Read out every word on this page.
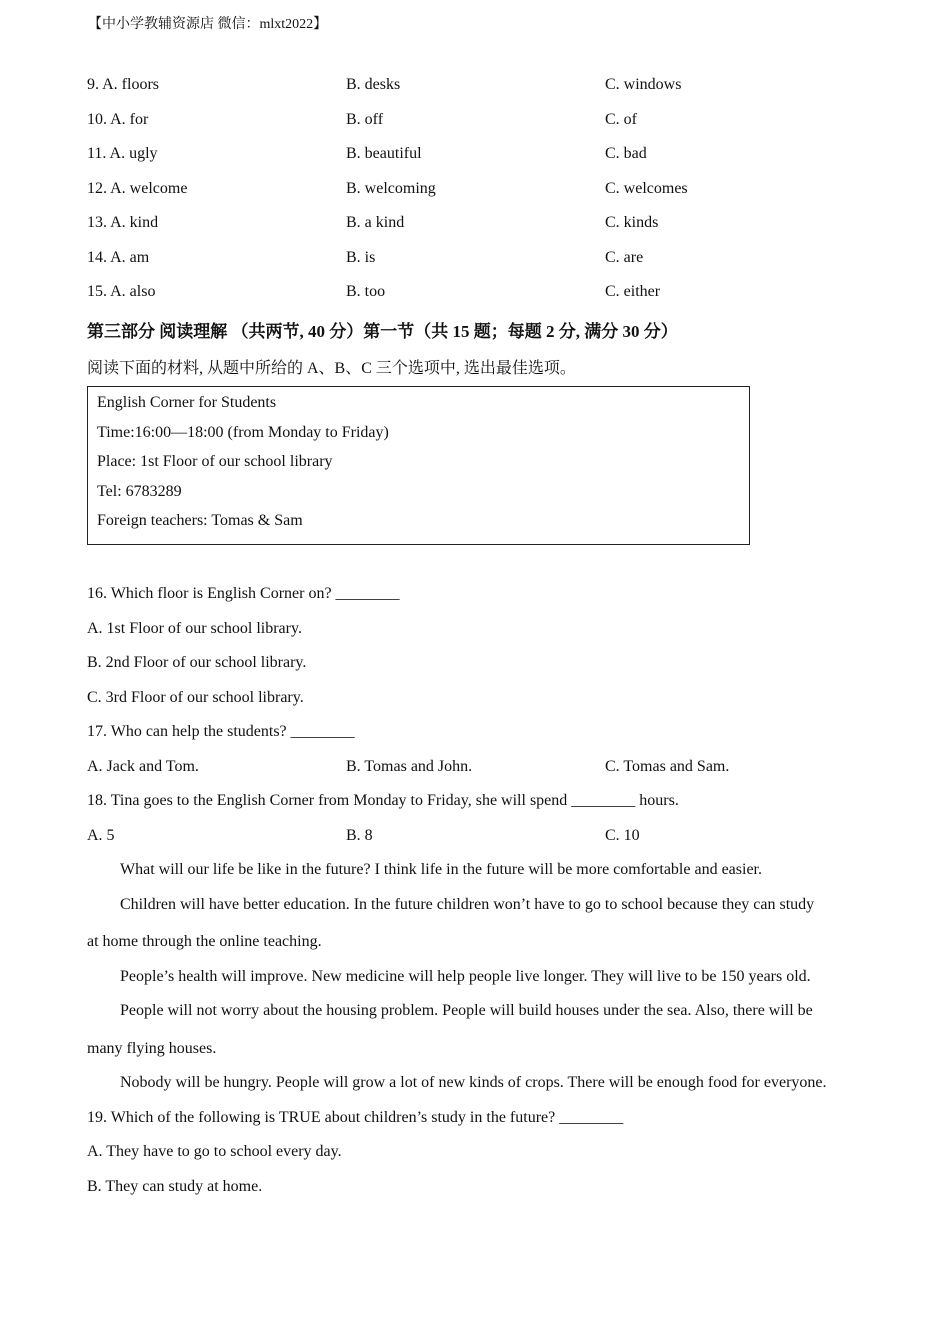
【中小学教辅资源店 微信：mlxt2022】
9. A. floors	B. desks	C. windows
10. A. for	B. off	C. of
11. A. ugly	B. beautiful	C. bad
12. A. welcome	B. welcoming	C. welcomes
13. A. kind	B. a kind	C. kinds
14. A. am	B. is	C. are
15. A. also	B. too	C. either
第三部分 阅读理解 （共两节, 40 分）第一节（共 15 题；每题 2 分, 满分 30 分）
阅读下面的材料, 从题中所给的 A、B、C 三个选项中, 选出最佳选项。
English Corner for Students
Time:16:00—18:00 (from Monday to Friday)
Place: 1st Floor of our school library
Tel: 6783289
Foreign teachers: Tomas & Sam
16. Which floor is English Corner on? ________
A. 1st Floor of our school library.
B. 2nd Floor of our school library.
C. 3rd Floor of our school library.
17. Who can help the students? ________
A. Jack and Tom.	B. Tomas and John.	C. Tomas and Sam.
18. Tina goes to the English Corner from Monday to Friday, she will spend ________ hours.
A. 5	B. 8	C. 10
What will our life be like in the future? I think life in the future will be more comfortable and easier.
Children will have better education. In the future children won’t have to go to school because they can study
at home through the online teaching.
People’s health will improve. New medicine will help people live longer. They will live to be 150 years old.
People will not worry about the housing problem. People will build houses under the sea. Also, there will be
many flying houses.
Nobody will be hungry. People will grow a lot of new kinds of crops. There will be enough food for everyone.
19. Which of the following is TRUE about children’s study in the future? ________
A. They have to go to school every day.
B. They can study at home.
